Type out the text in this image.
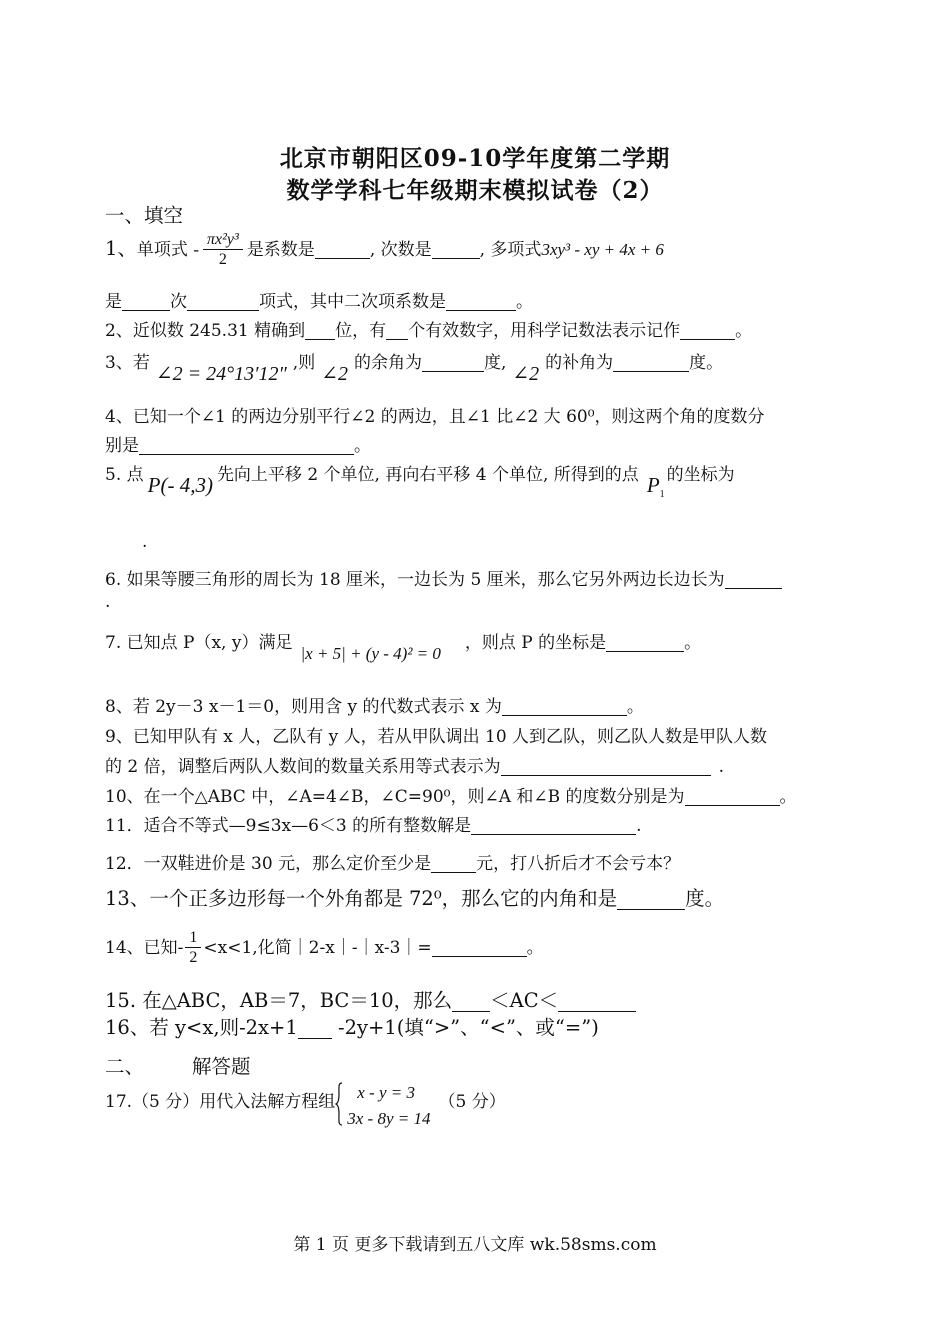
北京市朝阳区09-10学年度第二学期
数学学科七年级期末模拟试卷（2）
一、填空
1、单项式 - $\frac{\text{πx²y³}}{2}$ 是系数是	, 次数是	, 多项式3xy³ - xy + 4x + 6
是	次	项式，其中二次项系数是	。
2、近似数 245.31 精确到 位，有 个有效数字，用科学记数法表示记作	。
3、若 ∠2 = 24°13′12″ ,则 ∠2 的余角为	度, ∠2 的补角为	度。
4、已知一个∠1 的两边分别平行∠2 的两边，且∠1 比∠2 大 60⁰，则这两个角的度数分
别是	。
5. 点 P(- 4,3) 先向上平移 2 个单位, 再向右平移 4 个单位, 所得到的点 $P_1$的坐标为
.
6. 如果等腰三角形的周长为 18 厘米，一边长为 5 厘米，那么它另外两边长边长为
.
7. 已知点 P（x, y）满足|x + 5| + (y - 4)² = 0，则点 P 的坐标是	。
8、若 2y－3 x－1＝0，则用含 y 的代数式表示 x 为	。
9、已知甲队有 x 人，乙队有 y 人，若从甲队调出 10 人到乙队，则乙队人数是甲队人数
的 2 倍，调整后两队人数间的数量关系用等式表示为	.
10、在一个△ABC 中，∠A=4∠B，∠C=90⁰，则∠A 和∠B 的度数分别是为	。
11．适合不等式—9≤3x—6＜3 的所有整数解是	.
12．一双鞋进价是 30 元，那么定价至少是	元，打八折后才不会亏本？
13、一个正多边形每一个外角都是 72⁰，那么它的内角和是	度。
14、已知- $\frac{1}{2} <x<1$,化简｜2-x｜-｜x-3｜=	。
15. 在△ABC，AB＝7，BC＝10，那么 ＜AC＜
16、若 y<x,则-2x+1 -2y+1(填“>”、“<”、或“=”)
二、 解答题
17.（5 分）用代入法解方程组	x - y = 3
3x - 8y = 14
（5 分）
第 1 页 更多下载请到五八文库 wk.58sms.com
